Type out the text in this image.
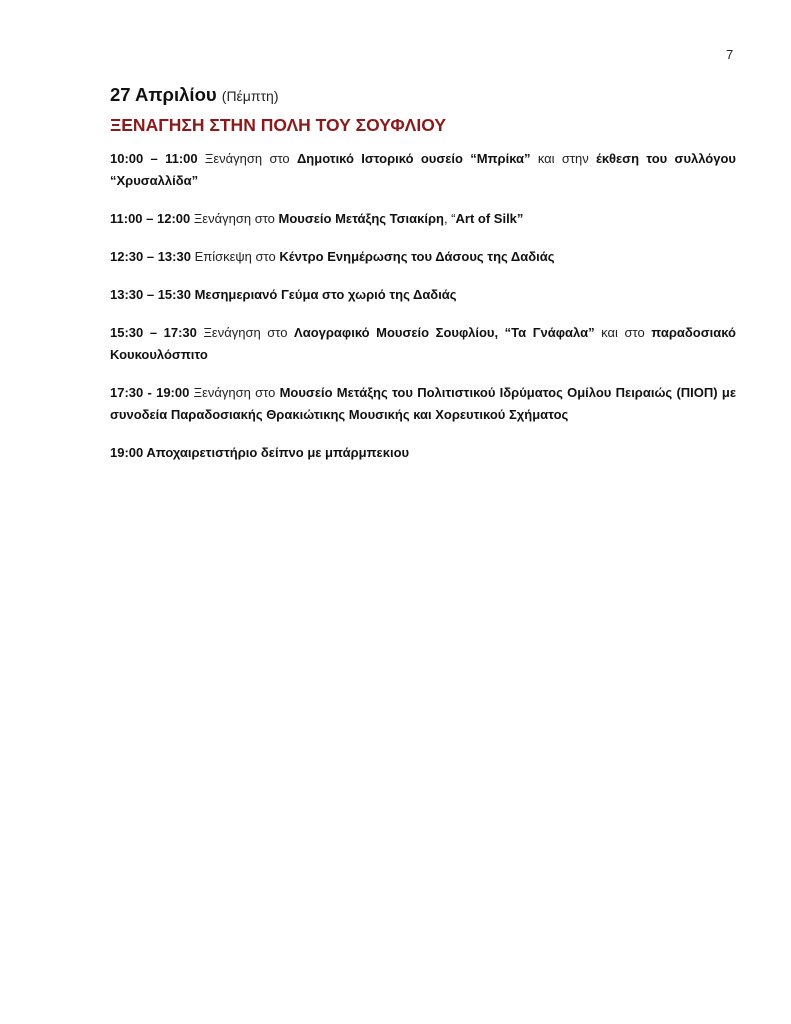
7
27 Απριλίου (Πέμπτη)
ΞΕΝΑΓΗΣΗ ΣΤΗΝ ΠΟΛΗ ΤΟΥ ΣΟΥΦΛΙΟΥ

10:00 – 11:00 Ξενάγηση στο Δημοτικό Ιστορικό ουσείο “Μπρίκα” και στην έκθεση του συλλόγου “Χρυσαλλίδα”

11:00 – 12:00 Ξενάγηση στο Μουσείο Μετάξης Τσιακίρη, “Art of Silk”

12:30 – 13:30 Επίσκεψη στο Κέντρο Ενημέρωσης του Δάσους της Δαδιάς

13:30 – 15:30 Μεσημεριανό Γεύμα στο χωριό της Δαδιάς

15:30 – 17:30 Ξενάγηση στο Λαογραφικό Μουσείο Σουφλίου, “Τα Γνάφαλα” και στο παραδοσιακό Κουκουλόσπιτο

17:30 - 19:00 Ξενάγηση στο Μουσείο Μετάξης του Πολιτιστικού Ιδρύματος Ομίλου Πειραιώς (ΠΙΟΠ) με συνοδεία Παραδοσιακής Θρακιώτικης Μουσικής και Χορευτικού Σχήματος

19:00 Αποχαιρετιστήριο δείπνο με μπάρμπεκιου
